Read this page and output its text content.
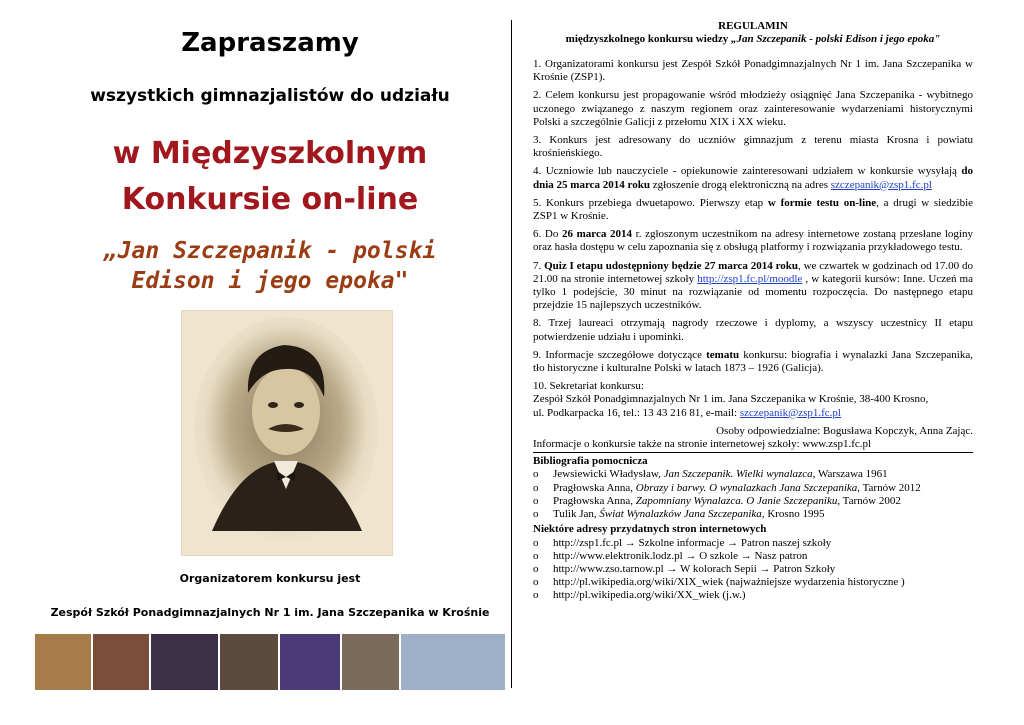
Zapraszamy
wszystkich gimnazjalistów do udziału
w Międzyszkolnym
Konkursie on-line
„Jan Szczepanik - polski Edison i jego epoka"
Organizatorem konkursu jest
Zespół Szkół Ponadgimnazjalnych Nr 1 im. Jana Szczepanika w Krośnie
REGULAMIN
międzyszkolnego konkursu wiedzy „Jan Szczepanik - polski Edison i jego epoka"

1. Organizatorami konkursu jest Zespół Szkół Ponadgimnazjalnych Nr 1 im. Jana Szczepanika w Krośnie (ZSP1).

2. Celem konkursu jest propagowanie wśród młodzieży osiągnięć Jana Szczepanika - wybitnego uczonego związanego z naszym regionem oraz zainteresowanie wydarzeniami historycznymi Polski a szczególnie Galicji z przełomu XIX i XX wieku.

3. Konkurs jest adresowany do uczniów gimnazjum z terenu miasta Krosna i powiatu krośnieńskiego.

4. Uczniowie lub nauczyciele - opiekunowie zainteresowani udziałem w konkursie wysyłają do dnia 25 marca 2014 roku zgłoszenie drogą elektroniczną na adres szczepanik@zsp1.fc.pl

5. Konkurs przebiega dwuetapowo. Pierwszy etap w formie testu on-line, a drugi w siedzibie ZSP1 w Krośnie.

6. Do 26 marca 2014 r. zgłoszonym uczestnikom na adresy internetowe zostaną przesłane loginy oraz hasła dostępu w celu zapoznania się z obsługą platformy i rozwiązania przykładowego testu.

7. Quiz I etapu udostępniony będzie 27 marca 2014 roku, we czwartek w godzinach od 17.00 do 21.00 na stronie internetowej szkoły http://zsp1.fc.pl/moodle , w kategorii kursów: Inne. Uczeń ma tylko 1 podejście, 30 minut na rozwiązanie od momentu rozpoczęcia. Do następnego etapu przejdzie 15 najlepszych uczestników.

8. Trzej laureaci otrzymają nagrody rzeczowe i dyplomy, a wszyscy uczestnicy II etapu potwierdzenie udziału i upominki.

9. Informacje szczegółowe dotyczące tematu konkursu: biografia i wynalazki Jana Szczepanika, tło historyczne i kulturalne Polski w latach 1873 – 1926 (Galicja).

10. Sekretariat konkursu:
Zespół Szkół Ponadgimnazjalnych Nr 1 im. Jana Szczepanika w Krośnie, 38-400 Krosno,
ul. Podkarpacka 16, tel.: 13 43 216 81, e-mail: szczepanik@zsp1.fc.pl

Osoby odpowiedzialne: Bogusława Kopczyk, Anna Zając.

Informacje o konkursie także na stronie internetowej szkoły: www.zsp1.fc.pl

Bibliografia pomocnicza
o	Jewsiewicki Władysław, Jan Szczepanik. Wielki wynalazca, Warszawa 1961
o	Pragłowska Anna, Obrazy i barwy. O wynalazkach Jana Szczepanika, Tarnów 2012
o	Pragłowska Anna, Zapomniany Wynalazca. O Janie Szczepaniku, Tarnów 2002
o	Tulik Jan, Świat Wynalazków Jana Szczepanika, Krosno 1995
Niektóre adresy przydatnych stron internetowych
o	http://zsp1.fc.pl → Szkolne informacje → Patron naszej szkoły
o	http://www.elektronik.lodz.pl → O szkole → Nasz patron
o	http://www.zso.tarnow.pl → W kolorach Sepii → Patron Szkoły
o	http://pl.wikipedia.org/wiki/XIX_wiek (najważniejsze wydarzenia historyczne )
o	http://pl.wikipedia.org/wiki/XX_wiek (j.w.)
